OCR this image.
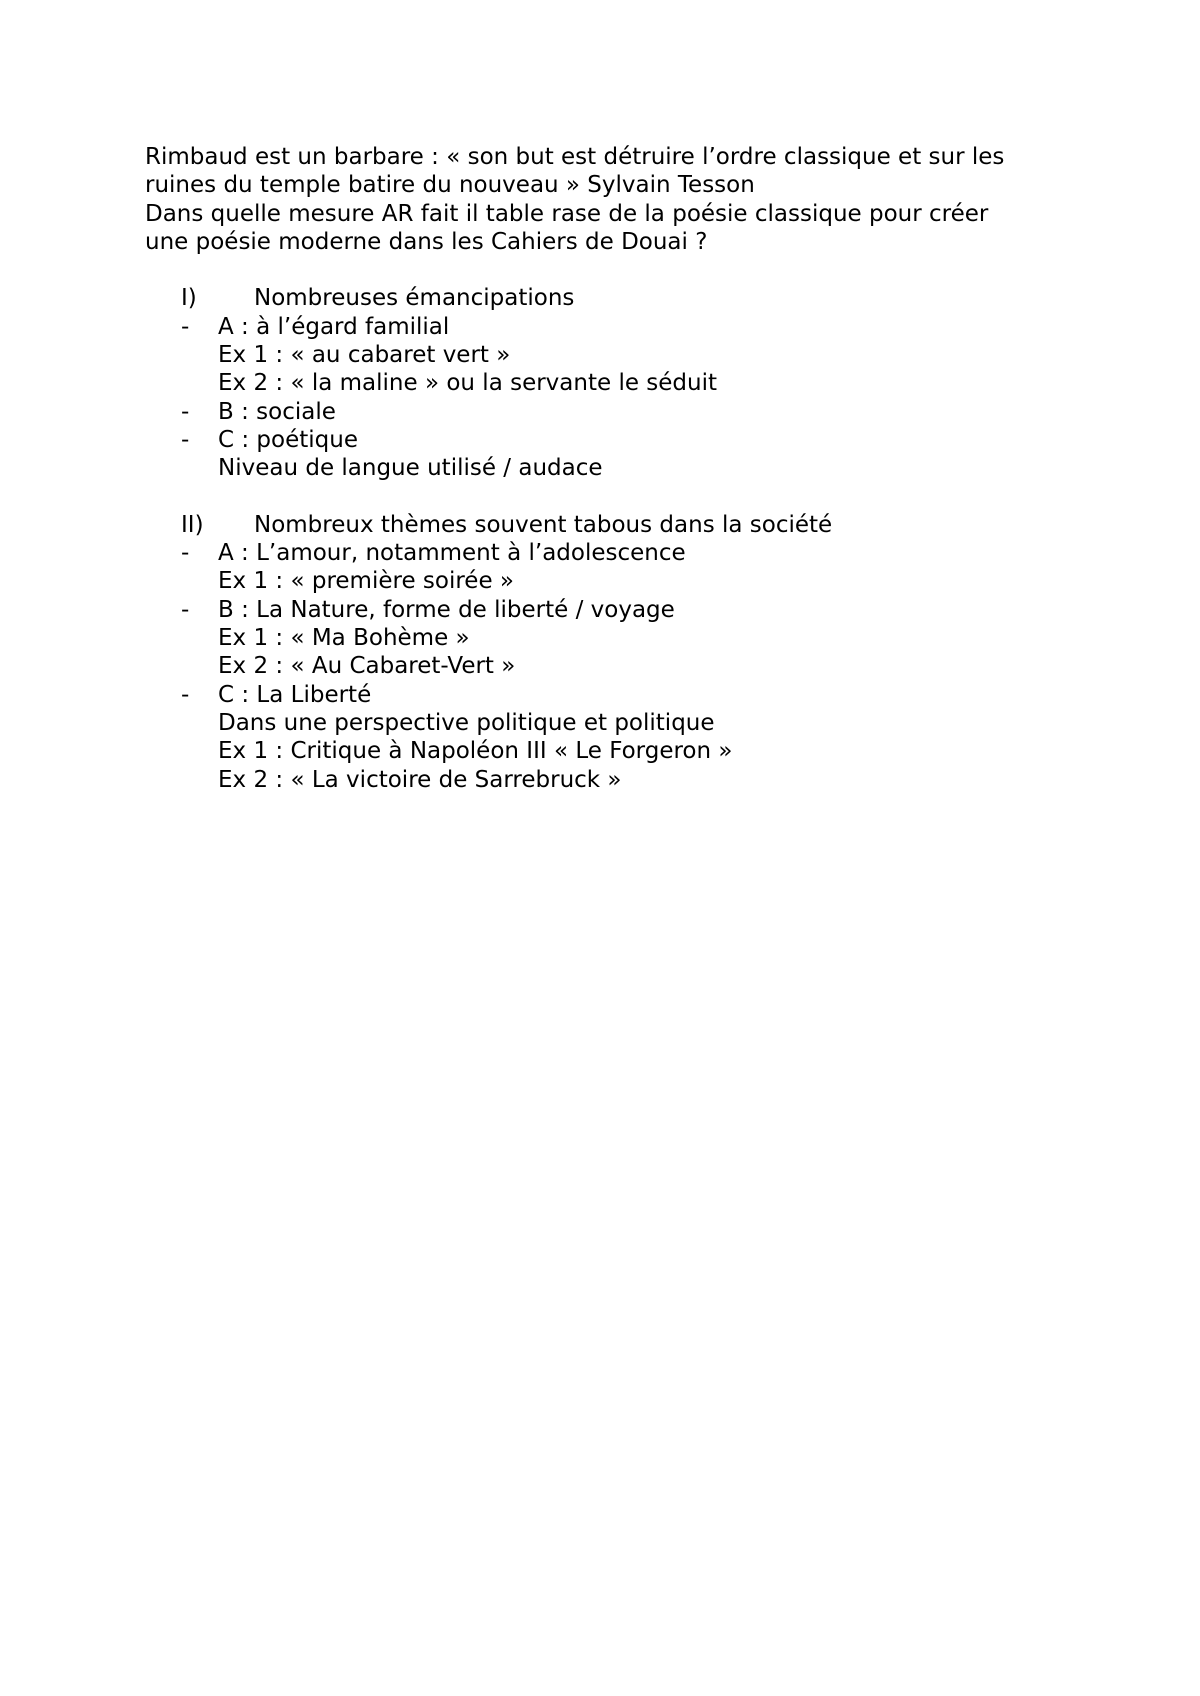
Rimbaud est un barbare : « son but est détruire l’ordre classique et sur les
ruines du temple batire du nouveau » Sylvain Tesson
Dans quelle mesure AR fait il table rase de la poésie classique pour créer
une poésie moderne dans les Cahiers de Douai ?
I) Nombreuses émancipations
- A : à l’égard familial
Ex 1 : « au cabaret vert »
Ex 2 : « la maline » ou la servante le séduit
- B : sociale
- C : poétique
Niveau de langue utilisé / audace
II) Nombreux thèmes souvent tabous dans la société
- A : L’amour, notamment à l’adolescence
Ex 1 : « première soirée »
- B : La Nature, forme de liberté / voyage
Ex 1 : « Ma Bohème »
Ex 2 : « Au Cabaret-Vert »
- C : La Liberté
Dans une perspective politique et politique
Ex 1 : Critique à Napoléon III « Le Forgeron »
Ex 2 : « La victoire de Sarrebruck »
